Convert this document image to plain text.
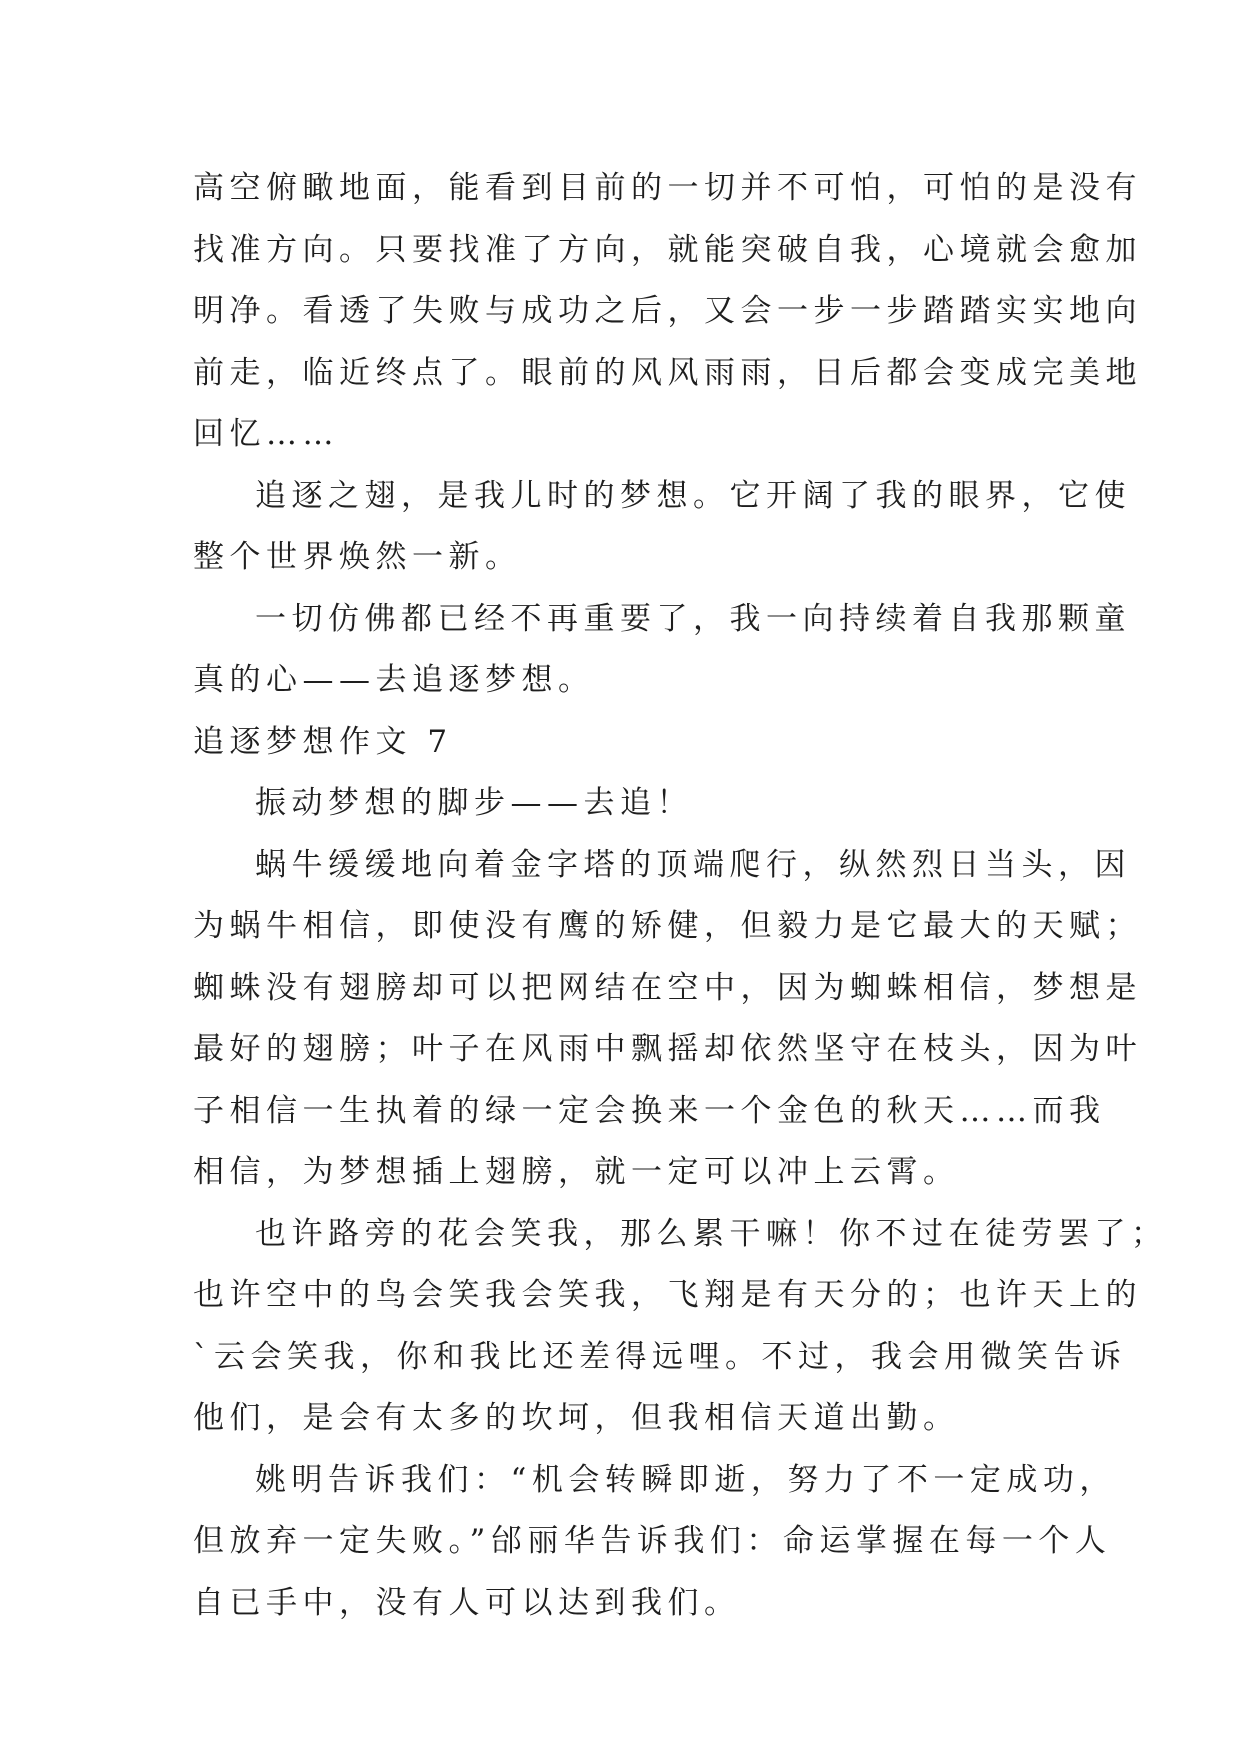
高空俯瞰地面，能看到目前的一切并不可怕，可怕的是没有
找准方向。只要找准了方向，就能突破自我，心境就会愈加
明净。看透了失败与成功之后，又会一步一步踏踏实实地向
前走，临近终点了。眼前的风风雨雨，日后都会变成完美地
回忆……
追逐之翅，是我儿时的梦想。它开阔了我的眼界，它使
整个世界焕然一新。
一切仿佛都已经不再重要了，我一向持续着自我那颗童
真的心——去追逐梦想。
追逐梦想作文 7
振动梦想的脚步——去追！
蜗牛缓缓地向着金字塔的顶端爬行，纵然烈日当头，因
为蜗牛相信，即使没有鹰的矫健，但毅力是它最大的天赋；
蜘蛛没有翅膀却可以把网结在空中，因为蜘蛛相信，梦想是
最好的翅膀；叶子在风雨中飘摇却依然坚守在枝头，因为叶
子相信一生执着的绿一定会换来一个金色的秋天……而我
相信，为梦想插上翅膀，就一定可以冲上云霄。
也许路旁的花会笑我，那么累干嘛！你不过在徒劳罢了；
也许空中的鸟会笑我会笑我，飞翔是有天分的；也许天上的
`云会笑我，你和我比还差得远哩。不过，我会用微笑告诉
他们，是会有太多的坎坷，但我相信天道出勤。
姚明告诉我们：“机会转瞬即逝，努力了不一定成功，
但放弃一定失败。”邰丽华告诉我们：命运掌握在每一个人
自已手中，没有人可以达到我们。
